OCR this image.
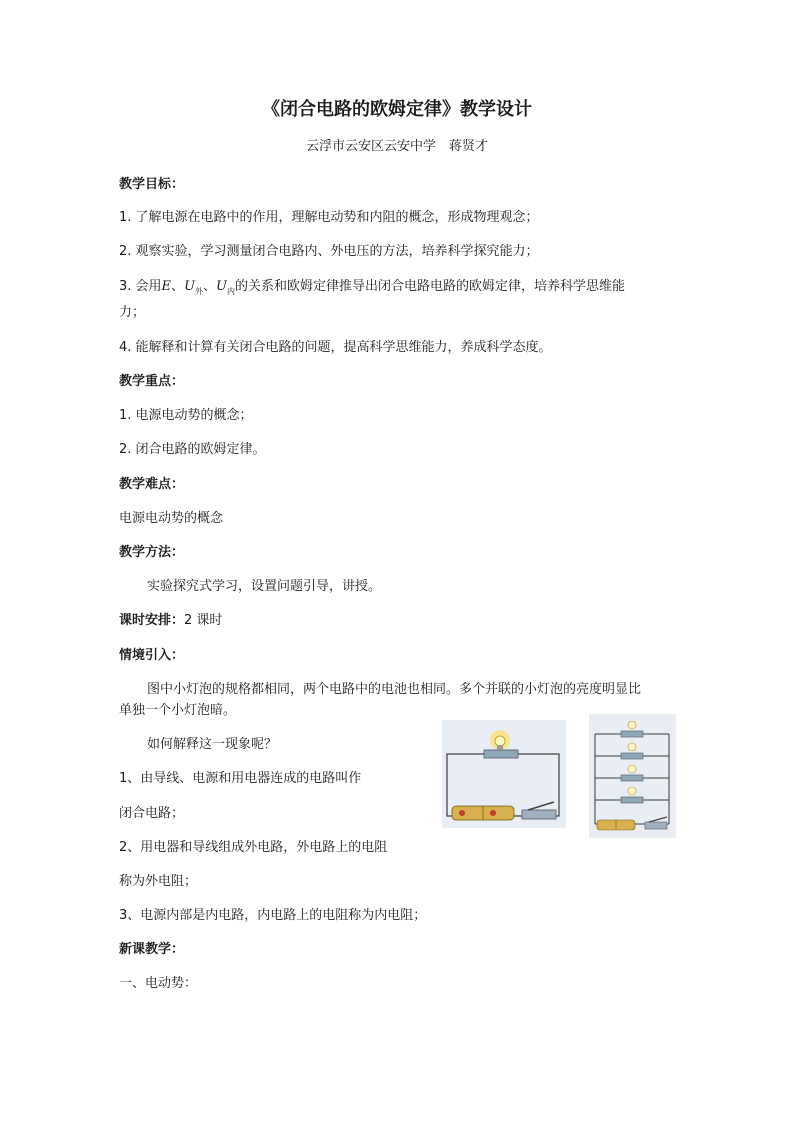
《闭合电路的欧姆定律》教学设计
云浮市云安区云安中学　蒋贤才
教学目标：
1. 了解电源在电路中的作用，理解电动势和内阻的概念，形成物理观念；
2. 观察实验，学习测量闭合电路内、外电压的方法，培养科学探究能力；
3. 会用E、$U_外$、$U_内$的关系和欧姆定律推导出闭合电路电路的欧姆定律，培养科学思维能
力；
4. 能解释和计算有关闭合电路的问题，提高科学思维能力，养成科学态度。
教学重点：
1. 电源电动势的概念；
2. 闭合电路的欧姆定律。
教学难点：
电源电动势的概念
教学方法：
实验探究式学习，设置问题引导，讲授。
课时安排：2 课时
情境引入：
图中小灯泡的规格都相同，两个电路中的电池也相同。多个并联的小灯泡的亮度明显比
单独一个小灯泡暗。
如何解释这一现象呢？
1、由导线、电源和用电器连成的电路叫作
闭合电路；
2、用电器和导线组成外电路，外电路上的电阻
称为外电阻；
3、电源内部是内电路，内电路上的电阻称为内电阻；
新课教学：
一、电动势：
